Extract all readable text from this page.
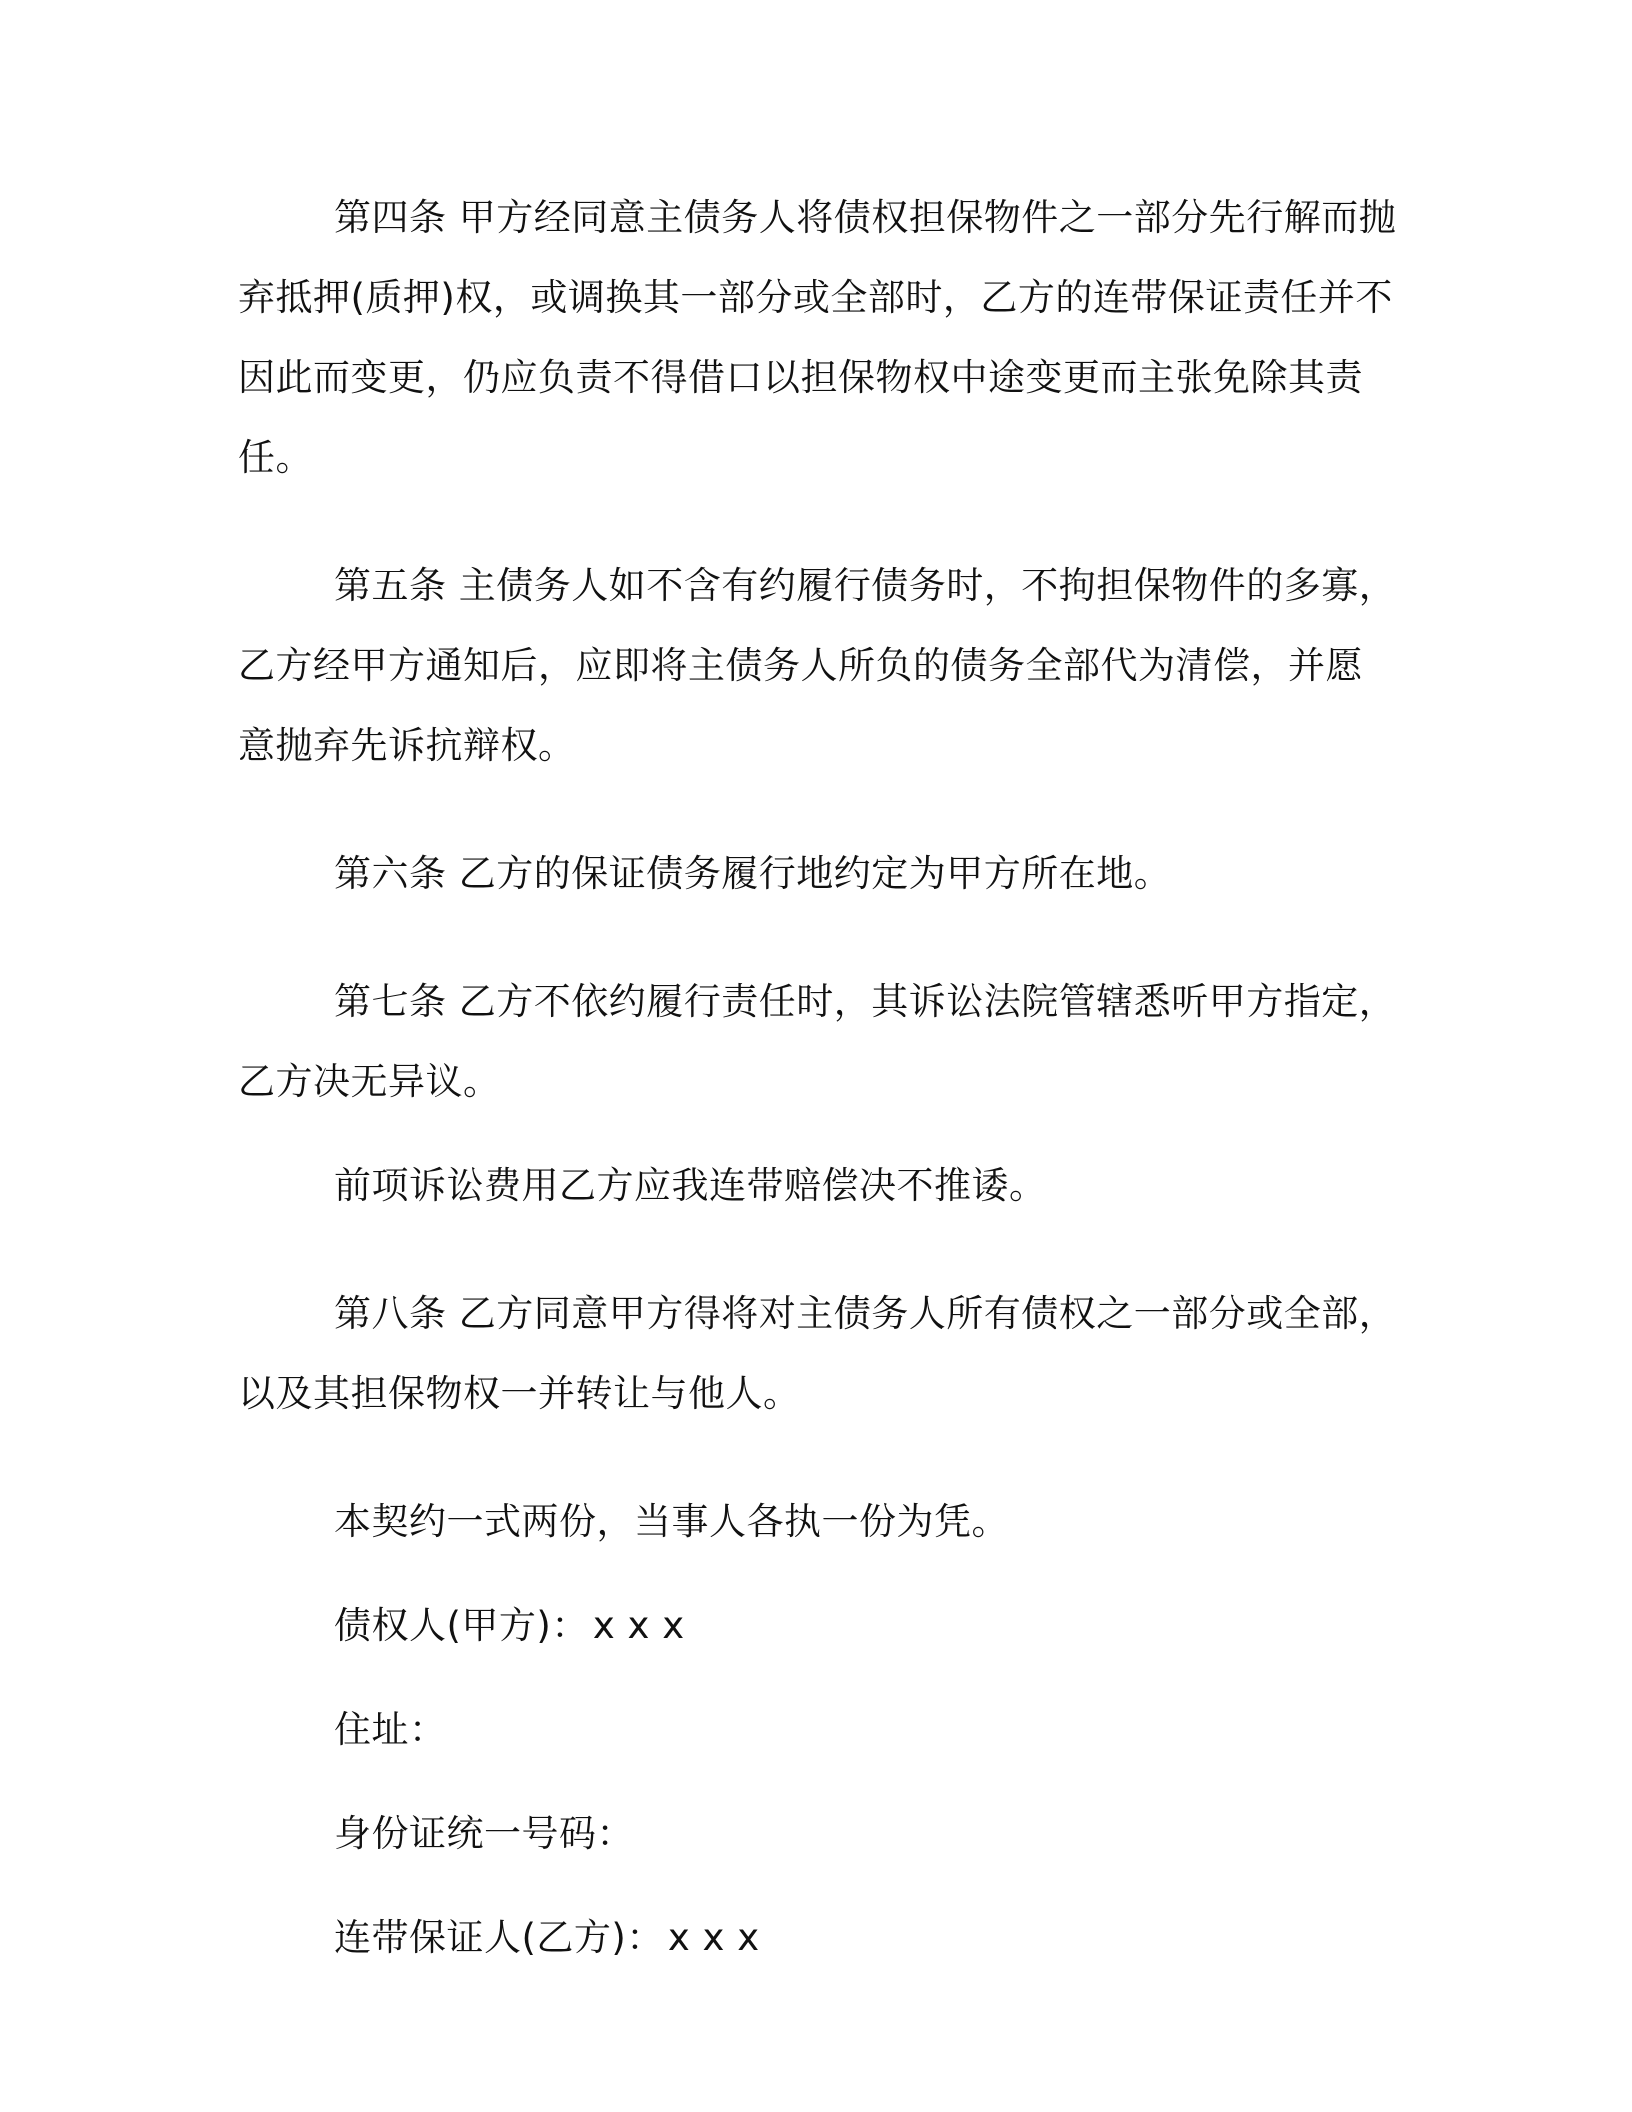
第四条 甲方经同意主债务人将债权担保物件之一部分先行解而抛弃抵押(质押)权，或调换其一部分或全部时，乙方的连带保证责任并不因此而变更，仍应负责不得借口以担保物权中途变更而主张免除其责任。

第五条 主债务人如不含有约履行债务时，不拘担保物件的多寡，乙方经甲方通知后，应即将主债务人所负的债务全部代为清偿，并愿意抛弃先诉抗辩权。

第六条 乙方的保证债务履行地约定为甲方所在地。

第七条 乙方不依约履行责任时，其诉讼法院管辖悉听甲方指定，乙方决无异议。

前项诉讼费用乙方应我连带赔偿决不推诿。

第八条 乙方同意甲方得将对主债务人所有债权之一部分或全部，以及其担保物权一并转让与他人。

本契约一式两份，当事人各执一份为凭。

债权人(甲方)： x x x
住址：
身份证统一号码：
连带保证人(乙方)： x x x
